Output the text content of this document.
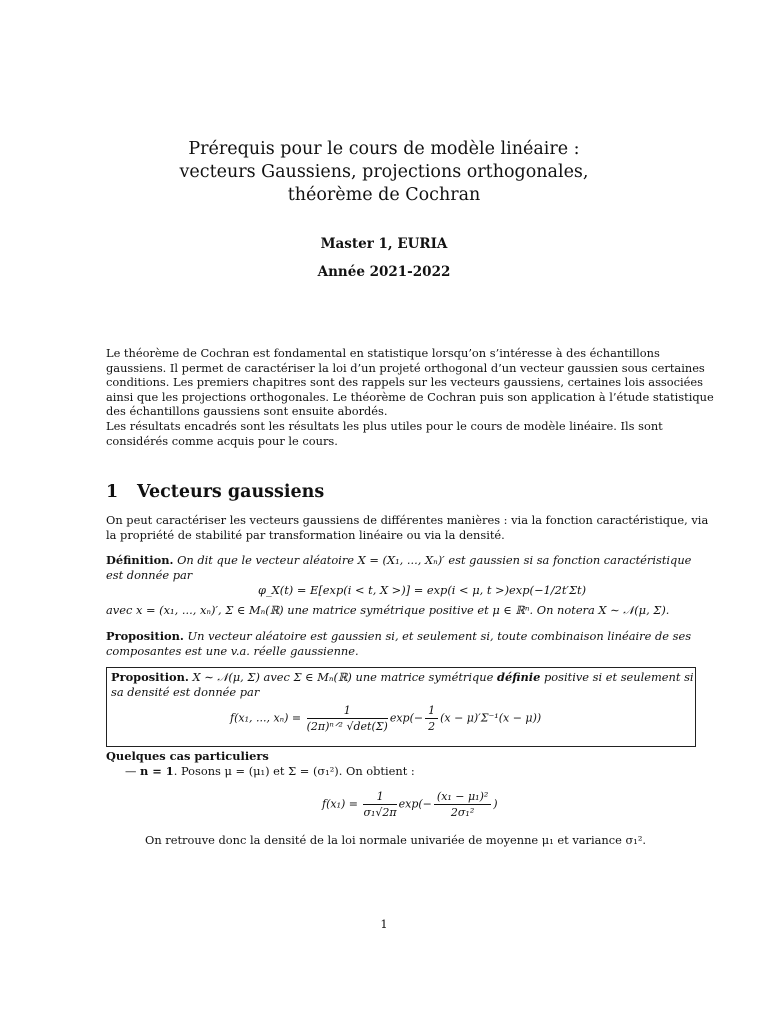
Prérequis pour le cours de modèle linéaire :
vecteurs Gaussiens, projections orthogonales,
théorème de Cochran
Master 1, EURIA
Année 2021-2022
Le théorème de Cochran est fondamental en statistique lorsqu’on s’intéresse à des échantillons
gaussiens. Il permet de caractériser la loi d’un projeté orthogonal d’un vecteur gaussien sous certaines
conditions. Les premiers chapitres sont des rappels sur les vecteurs gaussiens, certaines lois associées
ainsi que les projections orthogonales. Le théorème de Cochran puis son application à l’étude statistique
des échantillons gaussiens sont ensuite abordés.
Les résultats encadrés sont les résultats les plus utiles pour le cours de modèle linéaire. Ils sont
considérés comme acquis pour le cours.
1 Vecteurs gaussiens
On peut caractériser les vecteurs gaussiens de différentes manières : via la fonction caractéristique, via
la propriété de stabilité par transformation linéaire ou via la densité.
Définition. On dit que le vecteur aléatoire X = (X₁, ..., Xₙ)′ est gaussien si sa fonction caractéristique
est donnée par
φ_X(t) = E[exp(i < t, X >)] = exp(i < μ, t >)exp(−1/2t′Σt)
avec x = (x₁, ..., xₙ)′, Σ ∈ Mₙ(ℝ) une matrice symétrique positive et μ ∈ ℝⁿ. On notera X ∼ 𝒩(μ, Σ).
Proposition. Un vecteur aléatoire est gaussien si, et seulement si, toute combinaison linéaire de ses
composantes est une v.a. réelle gaussienne.
Proposition. X ∼ 𝒩(μ, Σ) avec Σ ∈ Mₙ(ℝ) une matrice symétrique définie positive si et seulement si
sa densité est donnée par
f(x₁, ..., $x_n) = \frac{1}{\text{(2π)ⁿᐟ² √det(Σ)}} \exp(- \frac{1}{2} (x - \mu)'\Sigma^{-1}(x - \mu))$
Quelques cas particuliers
— n = 1. Posons μ = (μ₁) et Σ = (σ₁²). On obtient :
$f(x_1) = \frac{1}{\text{σ₁√2π}} \exp(- \frac{\text{(x₁ − μ₁)²}}{\text{2σ₁²}}$ )
On retrouve donc la densité de la loi normale univariée de moyenne μ₁ et variance σ₁².
1
